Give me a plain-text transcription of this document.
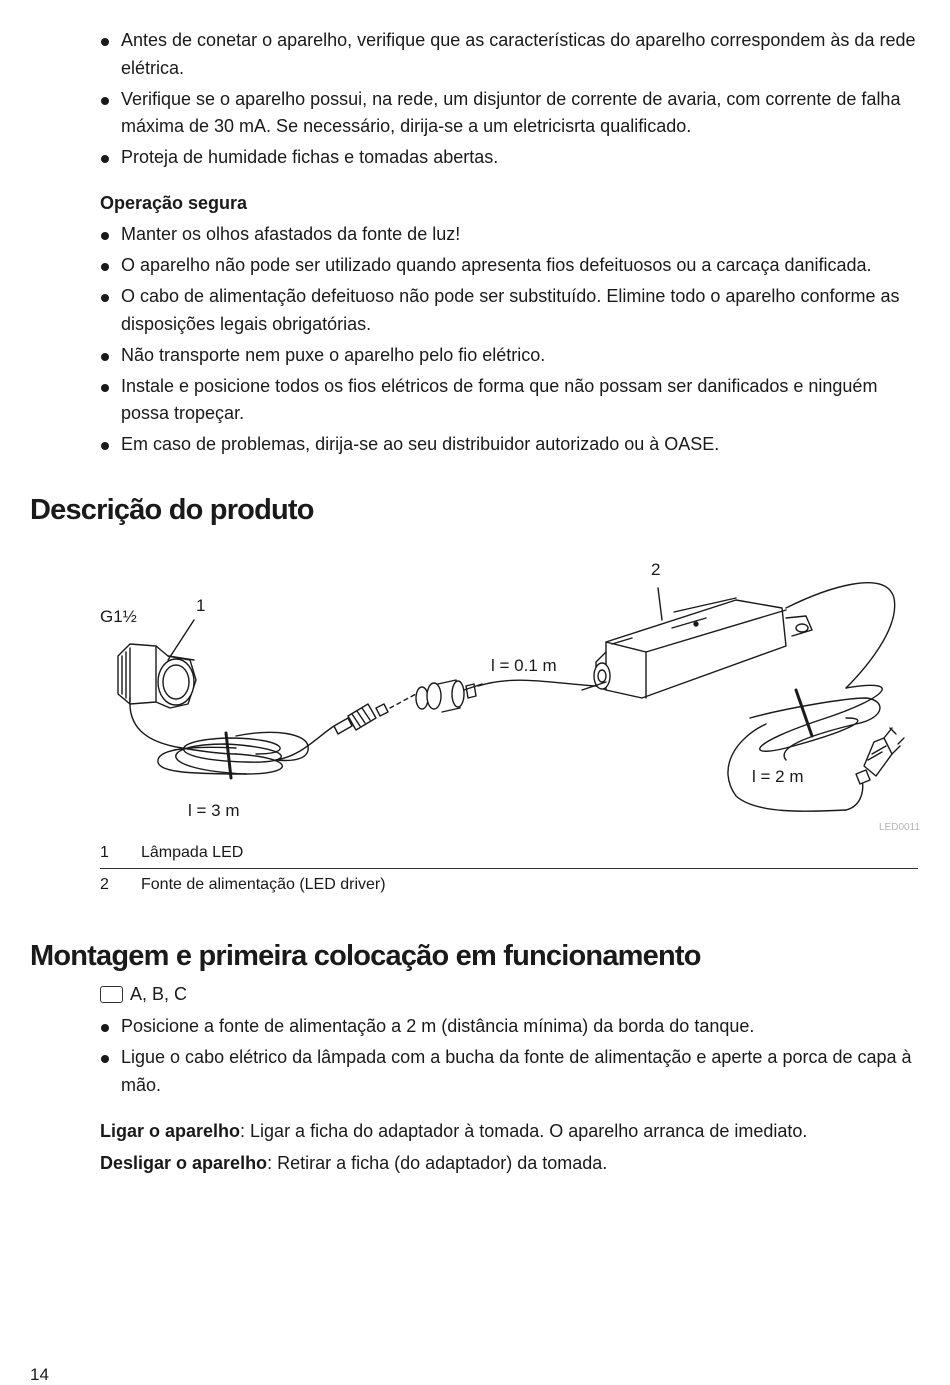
Antes de conetar o aparelho, verifique que as características do aparelho correspondem às da rede elétrica.
Verifique se o aparelho possui, na rede, um disjuntor de corrente de avaria, com corrente de falha máxima de 30 mA. Se necessário, dirija-se a um eletricisrta qualificado.
Proteja de humidade fichas e tomadas abertas.
Operação segura
Manter os olhos afastados da fonte de luz!
O aparelho não pode ser utilizado quando apresenta fios defeituosos ou a carcaça danificada.
O cabo de alimentação defeituoso não pode ser substituído. Elimine todo o aparelho conforme as disposições legais obrigatórias.
Não transporte nem puxe o aparelho pelo fio elétrico.
Instale e posicione todos os fios elétricos de forma que não possam ser danificados e ninguém possa tropeçar.
Em caso de problemas, dirija-se ao seu distribuidor autorizado ou à OASE.
Descrição do produto
G1½
1
2
l = 0.1 m
l = 3 m
l = 2 m
LED0011
1	Lâmpada LED
2	Fonte de alimentação (LED driver)
Montagem e primeira colocação em funcionamento
A, B, C
Posicione a fonte de alimentação a 2 m (distância mínima) da borda do tanque.
Ligue o cabo elétrico da lâmpada com a bucha da fonte de alimentação e aperte a porca de capa à mão.
Ligar o aparelho: Ligar a ficha do adaptador à tomada. O aparelho arranca de imediato.
Desligar o aparelho: Retirar a ficha (do adaptador) da tomada.
14
